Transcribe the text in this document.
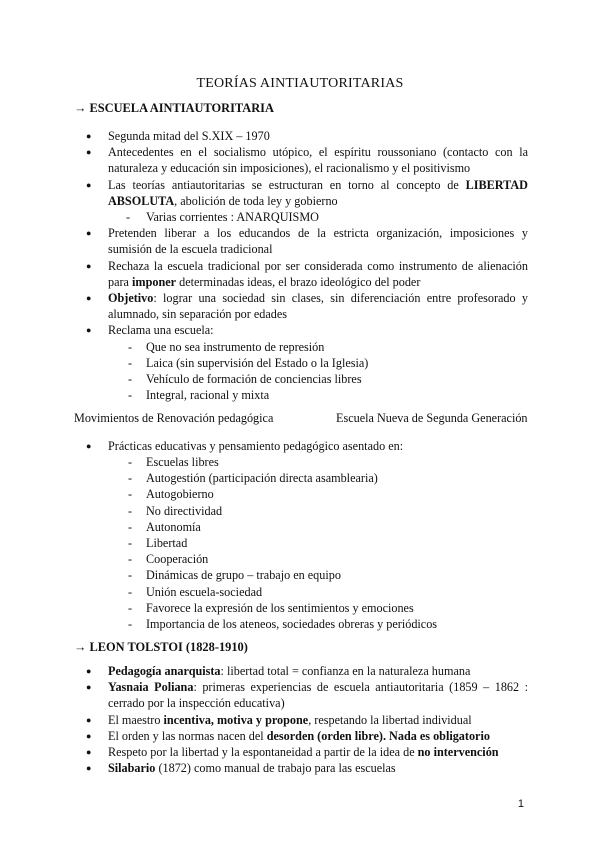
TEORÍAS AINTIAUTORITARIAS
→ ESCUELA AINTIAUTORITARIA
● Segunda mitad del S.XIX – 1970
● Antecedentes en el socialismo utópico, el espíritu roussoniano (contacto con la naturaleza y educación sin imposiciones), el racionalismo y el positivismo
● Las teorías antiautoritarias se estructuran en torno al concepto de LIBERTAD ABSOLUTA, abolición de toda ley y gobierno
- Varias corrientes : ANARQUISMO
● Pretenden liberar a los educandos de la estricta organización, imposiciones y sumisión de la escuela tradicional
● Rechaza la escuela tradicional por ser considerada como instrumento de alienación para imponer determinadas ideas, el brazo ideológico del poder
● Objetivo: lograr una sociedad sin clases, sin diferenciación entre profesorado y alumnado, sin separación por edades
● Reclama una escuela:
- Que no sea instrumento de represión
- Laica (sin supervisión del Estado o la Iglesia)
- Vehículo de formación de conciencias libres
- Integral, racional y mixta
Movimientos de Renovación pedagógica	Escuela Nueva de Segunda Generación
● Prácticas educativas y pensamiento pedagógico asentado en:
- Escuelas libres
- Autogestión (participación directa asamblearia)
- Autogobierno
- No directividad
- Autonomía
- Libertad
- Cooperación
- Dinámicas de grupo – trabajo en equipo
- Unión escuela-sociedad
- Favorece la expresión de los sentimientos y emociones
- Importancia de los ateneos, sociedades obreras y periódicos
→ LEON TOLSTOI (1828-1910)
● Pedagogía anarquista: libertad total = confianza en la naturaleza humana
● Yasnaia Poliana: primeras experiencias de escuela antiautoritaria (1859 – 1862 : cerrado por la inspección educativa)
● El maestro incentiva, motiva y propone, respetando la libertad individual
● El orden y las normas nacen del desorden (orden libre). Nada es obligatorio
● Respeto por la libertad y la espontaneidad a partir de la idea de no intervención
● Silabario (1872) como manual de trabajo para las escuelas
1
